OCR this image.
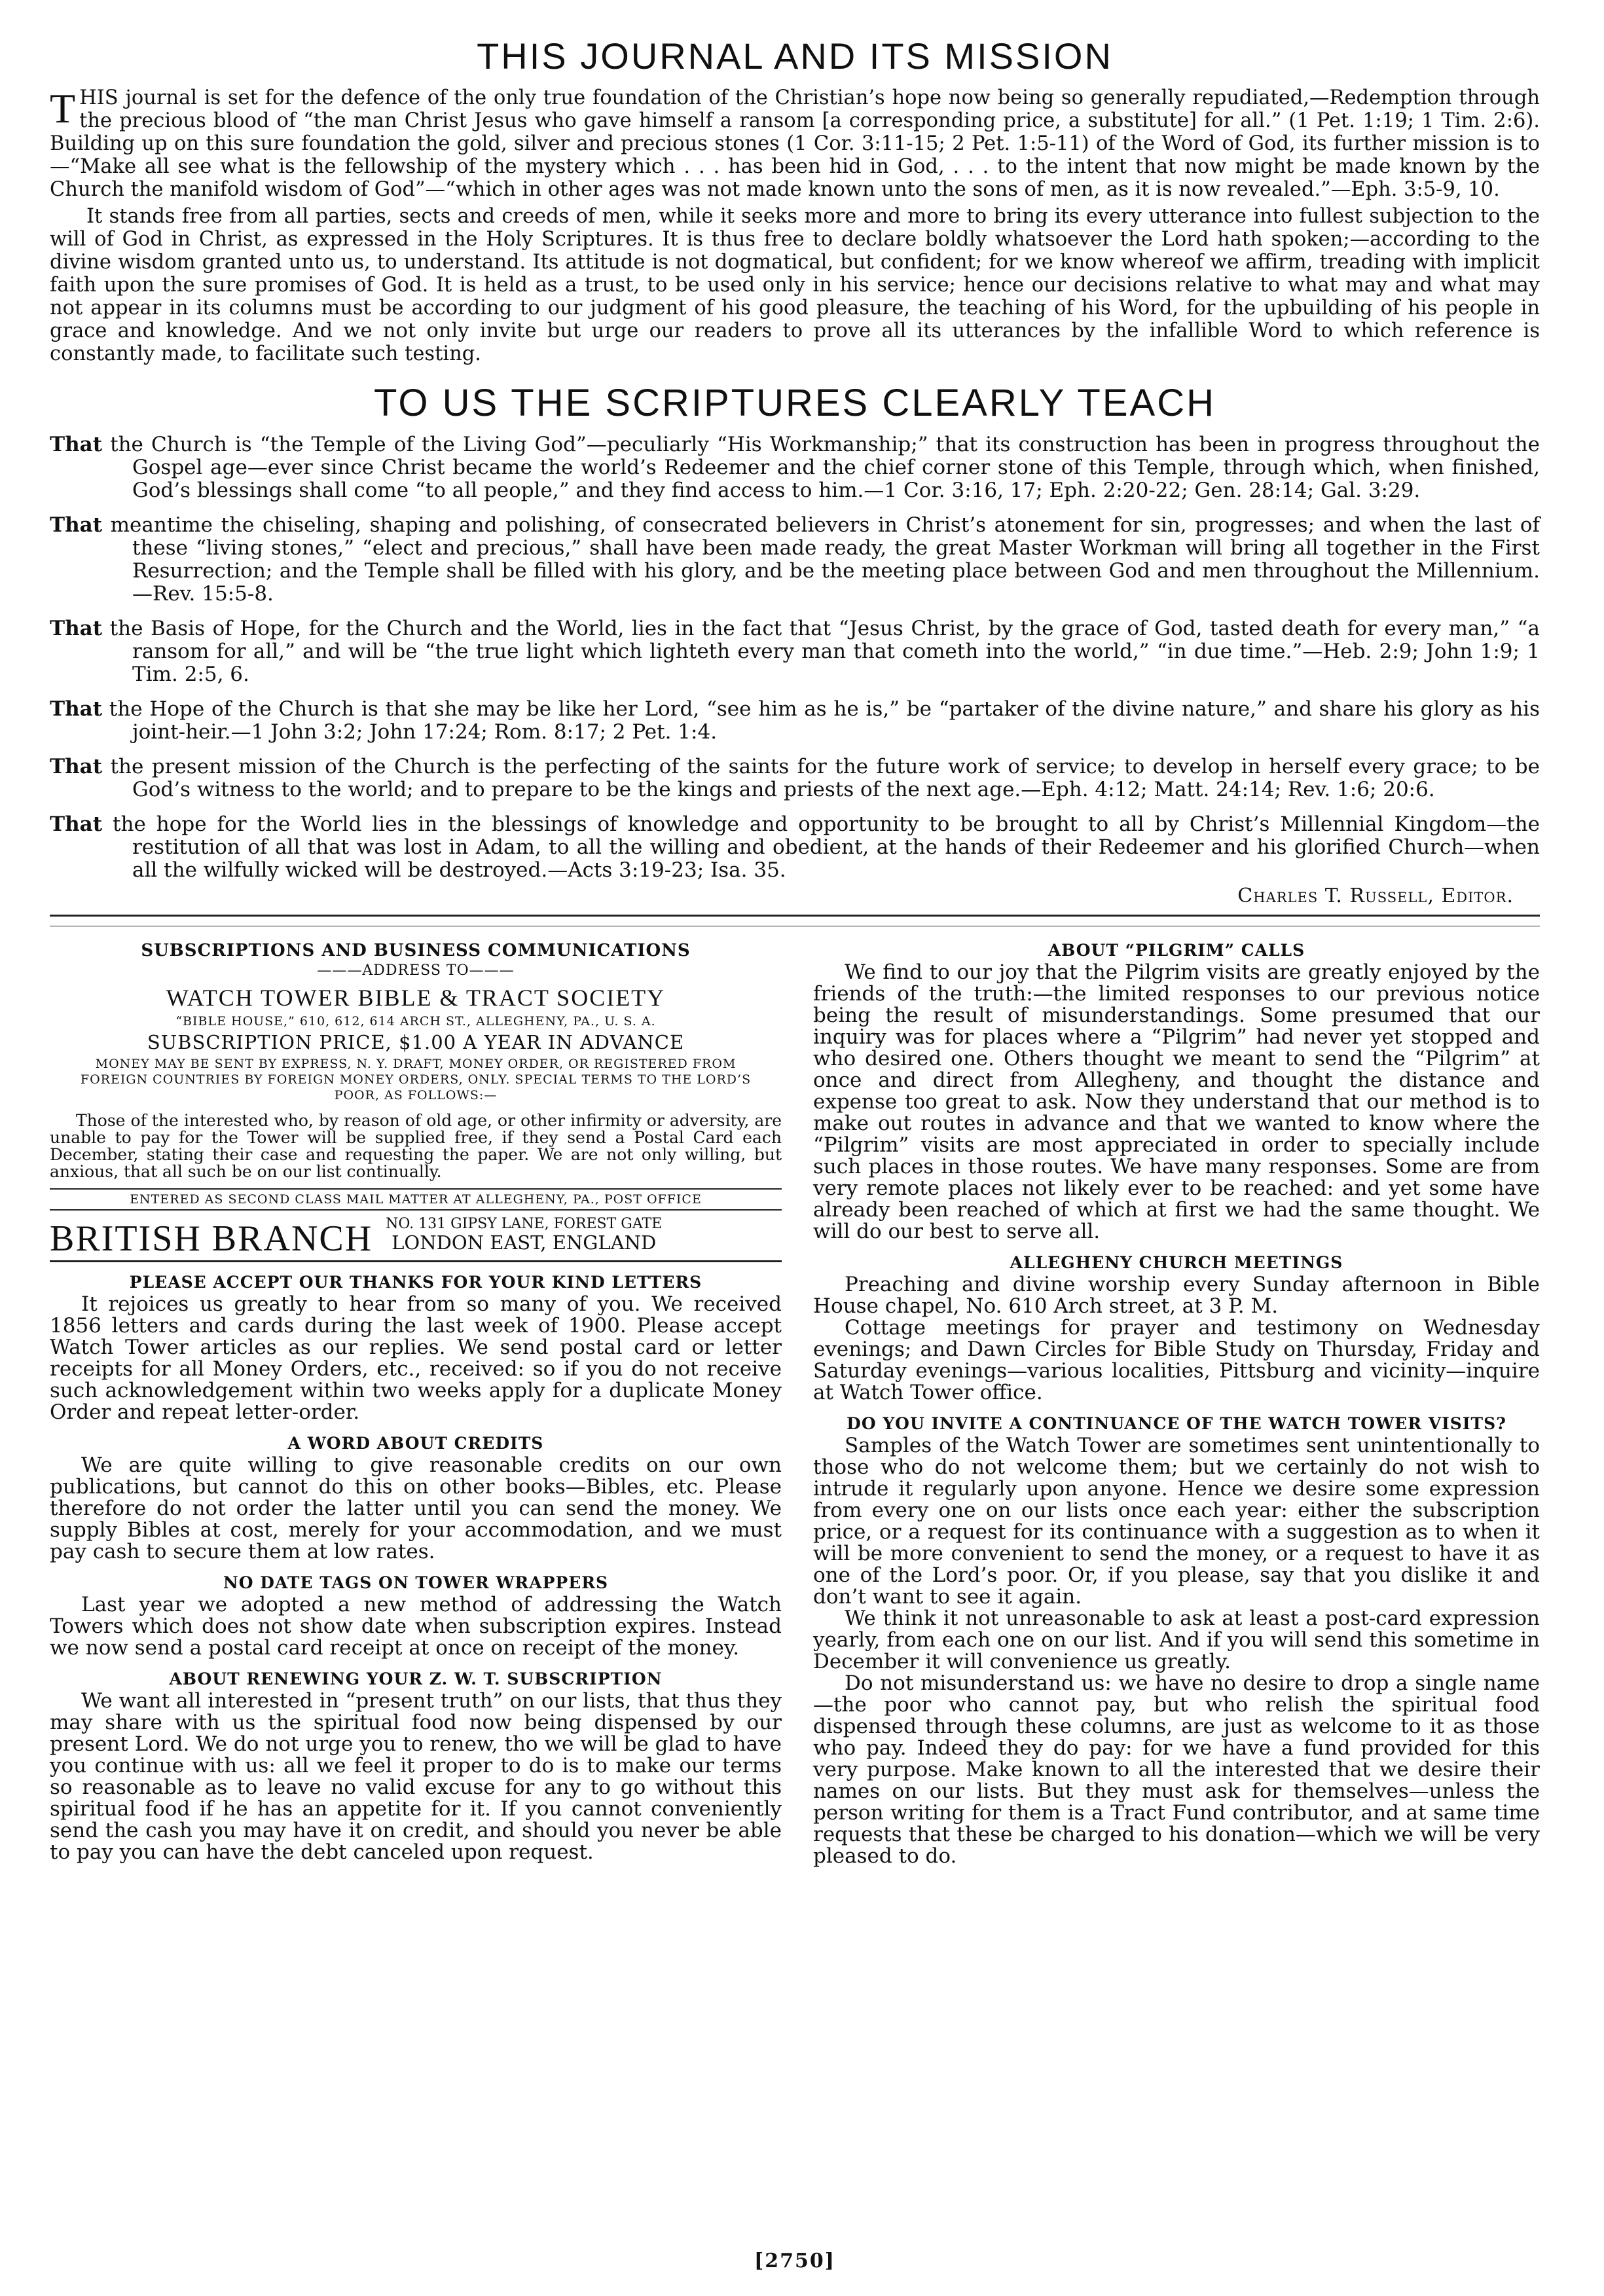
THIS JOURNAL AND ITS MISSION

THIS journal is set for the defence of the only true foundation of the Christian’s hope now being so generally repudiated,—Redemption through the precious blood of “the man Christ Jesus who gave himself a ransom [a corresponding price, a substitute] for all.” (1 Pet. 1:19; 1 Tim. 2:6). Building up on this sure foundation the gold, silver and precious stones (1 Cor. 3:11-15; 2 Pet. 1:5-11) of the Word of God, its further mission is to—“Make all see what is the fellowship of the mystery which . . . has been hid in God, . . . to the intent that now might be made known by the Church the manifold wisdom of God”—“which in other ages was not made known unto the sons of men, as it is now revealed.”—Eph. 3:5-9, 10.

It stands free from all parties, sects and creeds of men, while it seeks more and more to bring its every utterance into fullest subjection to the will of God in Christ, as expressed in the Holy Scriptures. It is thus free to declare boldly whatsoever the Lord hath spoken;—according to the divine wisdom granted unto us, to understand. Its attitude is not dogmatical, but confident; for we know whereof we affirm, treading with implicit faith upon the sure promises of God. It is held as a trust, to be used only in his service; hence our decisions relative to what may and what may not appear in its columns must be according to our judgment of his good pleasure, the teaching of his Word, for the upbuilding of his people in grace and knowledge. And we not only invite but urge our readers to prove all its utterances by the infallible Word to which reference is constantly made, to facilitate such testing.

TO US THE SCRIPTURES CLEARLY TEACH

That the Church is “the Temple of the Living God”—peculiarly “His Workmanship;” that its construction has been in progress throughout the Gospel age—ever since Christ became the world’s Redeemer and the chief corner stone of this Temple, through which, when finished, God’s blessings shall come “to all people,” and they find access to him.—1 Cor. 3:16, 17; Eph. 2:20-22; Gen. 28:14; Gal. 3:29.

That meantime the chiseling, shaping and polishing, of consecrated believers in Christ’s atonement for sin, progresses; and when the last of these “living stones,” “elect and precious,” shall have been made ready, the great Master Workman will bring all together in the First Resurrection; and the Temple shall be filled with his glory, and be the meeting place between God and men throughout the Millennium.—Rev. 15:5-8.

That the Basis of Hope, for the Church and the World, lies in the fact that “Jesus Christ, by the grace of God, tasted death for every man,” “a ransom for all,” and will be “the true light which lighteth every man that cometh into the world,” “in due time.”—Heb. 2:9; John 1:9; 1 Tim. 2:5, 6.

That the Hope of the Church is that she may be like her Lord, “see him as he is,” be “partaker of the divine nature,” and share his glory as his joint-heir.—1 John 3:2; John 17:24; Rom. 8:17; 2 Pet. 1:4.

That the present mission of the Church is the perfecting of the saints for the future work of service; to develop in herself every grace; to be God’s witness to the world; and to prepare to be the kings and priests of the next age.—Eph. 4:12; Matt. 24:14; Rev. 1:6; 20:6.

That the hope for the World lies in the blessings of knowledge and opportunity to be brought to all by Christ’s Millennial Kingdom—the restitution of all that was lost in Adam, to all the willing and obedient, at the hands of their Redeemer and his glorified Church—when all the wilfully wicked will be destroyed.—Acts 3:19-23; Isa. 35.

Charles T. Russell, Editor.

SUBSCRIPTIONS AND BUSINESS COMMUNICATIONS

———ADDRESS TO———

WATCH TOWER BIBLE & TRACT SOCIETY

“BIBLE HOUSE,” 610, 612, 614 ARCH ST., ALLEGHENY, PA., U. S. A.

SUBSCRIPTION PRICE, $1.00 A YEAR IN ADVANCE

MONEY MAY BE SENT BY EXPRESS, N. Y. DRAFT, MONEY ORDER, OR REGISTERED FROM FOREIGN COUNTRIES BY FOREIGN MONEY ORDERS, ONLY. SPECIAL TERMS TO THE LORD’S POOR, AS FOLLOWS:—

Those of the interested who, by reason of old age, or other infirmity or adversity, are unable to pay for the Tower will be supplied free, if they send a Postal Card each December, stating their case and requesting the paper. We are not only willing, but anxious, that all such be on our list continually.

ENTERED AS SECOND CLASS MAIL MATTER AT ALLEGHENY, PA., POST OFFICE
BRITISH BRANCH NO. 131 GIPSY LANE, FOREST GATE
LONDON EAST, ENGLAND

PLEASE ACCEPT OUR THANKS FOR YOUR KIND LETTERS

It rejoices us greatly to hear from so many of you. We received 1856 letters and cards during the last week of 1900. Please accept Watch Tower articles as our replies. We send postal card or letter receipts for all Money Orders, etc., received: so if you do not receive such acknowledgement within two weeks apply for a duplicate Money Order and repeat letter-order.

A WORD ABOUT CREDITS

We are quite willing to give reasonable credits on our own publications, but cannot do this on other books—Bibles, etc. Please therefore do not order the latter until you can send the money. We supply Bibles at cost, merely for your accommodation, and we must pay cash to secure them at low rates.

NO DATE TAGS ON TOWER WRAPPERS

Last year we adopted a new method of addressing the Watch Towers which does not show date when subscription expires. Instead we now send a postal card receipt at once on receipt of the money.

ABOUT RENEWING YOUR Z. W. T. SUBSCRIPTION

We want all interested in “present truth” on our lists, that thus they may share with us the spiritual food now being dispensed by our present Lord. We do not urge you to renew, tho we will be glad to have you continue with us: all we feel it proper to do is to make our terms so reasonable as to leave no valid excuse for any to go without this spiritual food if he has an appetite for it. If you cannot conveniently send the cash you may have it on credit, and should you never be able to pay you can have the debt canceled upon request.

ABOUT “PILGRIM” CALLS

We find to our joy that the Pilgrim visits are greatly enjoyed by the friends of the truth:—the limited responses to our previous notice being the result of misunderstandings. Some presumed that our inquiry was for places where a “Pilgrim” had never yet stopped and who desired one. Others thought we meant to send the “Pilgrim” at once and direct from Allegheny, and thought the distance and expense too great to ask. Now they understand that our method is to make out routes in advance and that we wanted to know where the “Pilgrim” visits are most appreciated in order to specially include such places in those routes. We have many responses. Some are from very remote places not likely ever to be reached: and yet some have already been reached of which at first we had the same thought. We will do our best to serve all.

ALLEGHENY CHURCH MEETINGS

Preaching and divine worship every Sunday afternoon in Bible House chapel, No. 610 Arch street, at 3 P. M.

Cottage meetings for prayer and testimony on Wednesday evenings; and Dawn Circles for Bible Study on Thursday, Friday and Saturday evenings—various localities, Pittsburg and vicinity—inquire at Watch Tower office.

DO YOU INVITE A CONTINUANCE OF THE WATCH TOWER VISITS?

Samples of the Watch Tower are sometimes sent unintentionally to those who do not welcome them; but we certainly do not wish to intrude it regularly upon anyone. Hence we desire some expression from every one on our lists once each year: either the subscription price, or a request for its continuance with a suggestion as to when it will be more convenient to send the money, or a request to have it as one of the Lord’s poor. Or, if you please, say that you dislike it and don’t want to see it again.

We think it not unreasonable to ask at least a post-card expression yearly, from each one on our list. And if you will send this sometime in December it will convenience us greatly.

Do not misunderstand us: we have no desire to drop a single name—the poor who cannot pay, but who relish the spiritual food dispensed through these columns, are just as welcome to it as those who pay. Indeed they do pay: for we have a fund provided for this very purpose. Make known to all the interested that we desire their names on our lists. But they must ask for themselves—unless the person writing for them is a Tract Fund contributor, and at same time requests that these be charged to his donation—which we will be very pleased to do.

[2750]
